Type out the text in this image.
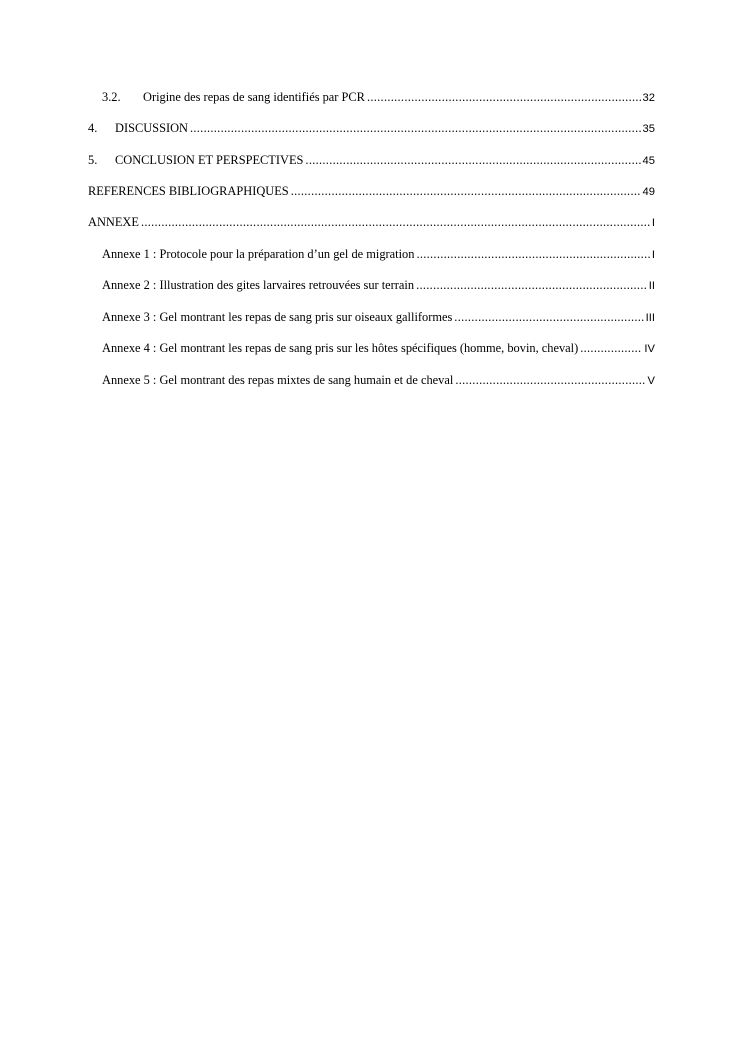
3.2.	Origine des repas de sang identifiés par PCR .....	32
4.	DISCUSSION .....	35
5.	CONCLUSION ET PERSPECTIVES .....	45
REFERENCES BIBLIOGRAPHIQUES .....	49
ANNEXE .....	I
Annexe 1 : Protocole pour la préparation d’un gel de migration .....	I
Annexe 2 : Illustration des gites larvaires retrouvées sur terrain .....	II
Annexe 3 : Gel montrant les repas de sang pris sur oiseaux galliformes .....	III
Annexe 4 : Gel montrant les repas de sang pris sur les hôtes spécifiques (homme, bovin, cheval) .....	IV
Annexe 5 : Gel montrant des repas mixtes de sang humain et de cheval .....	V
